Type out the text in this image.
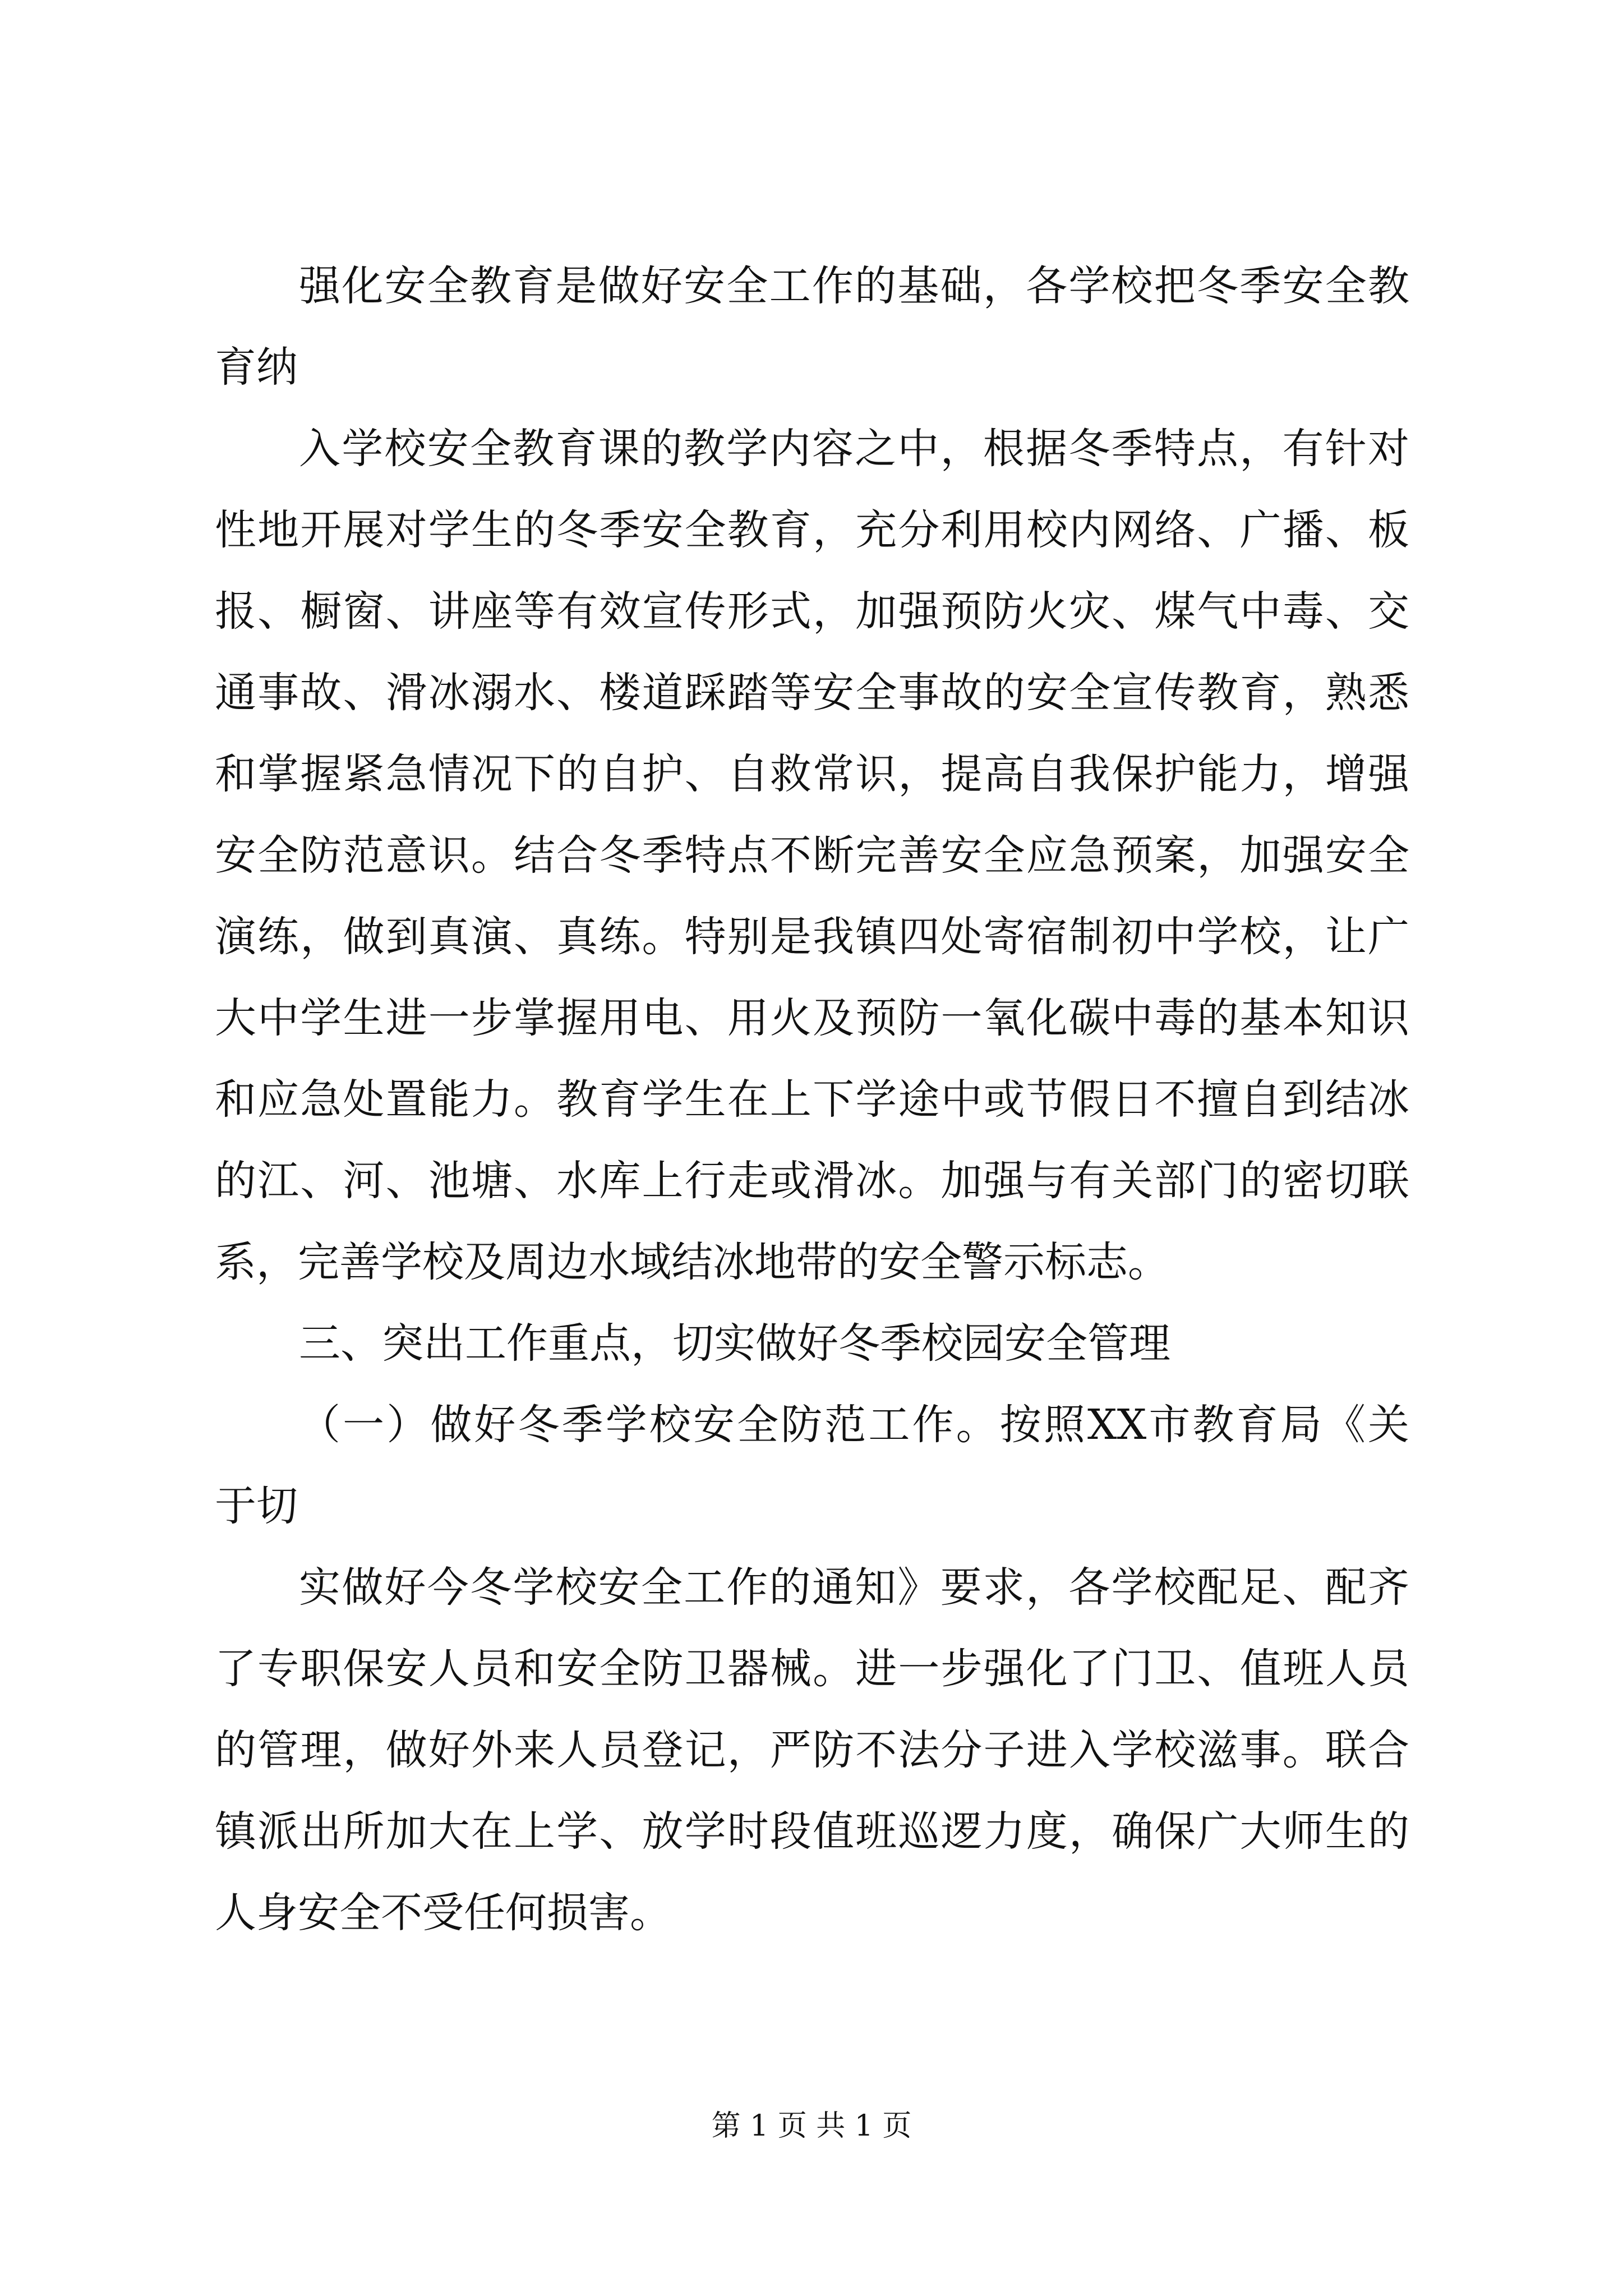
强化安全教育是做好安全工作的基础，各学校把冬季安全教
育纳
入学校安全教育课的教学内容之中，根据冬季特点，有针对
性地开展对学生的冬季安全教育，充分利用校内网络、广播、板
报、橱窗、讲座等有效宣传形式，加强预防火灾、煤气中毒、交
通事故、滑冰溺水、楼道踩踏等安全事故的安全宣传教育，熟悉
和掌握紧急情况下的自护、自救常识，提高自我保护能力，增强
安全防范意识。结合冬季特点不断完善安全应急预案，加强安全
演练，做到真演、真练。特别是我镇四处寄宿制初中学校，让广
大中学生进一步掌握用电、用火及预防一氧化碳中毒的基本知识
和应急处置能力。教育学生在上下学途中或节假日不擅自到结冰
的江、河、池塘、水库上行走或滑冰。加强与有关部门的密切联
系，完善学校及周边水域结冰地带的安全警示标志。
三、突出工作重点，切实做好冬季校园安全管理
（一）做好冬季学校安全防范工作。按照XX市教育局《关
于切
实做好今冬学校安全工作的通知》要求，各学校配足、配齐
了专职保安人员和安全防卫器械。进一步强化了门卫、值班人员
的管理，做好外来人员登记，严防不法分子进入学校滋事。联合
镇派出所加大在上学、放学时段值班巡逻力度，确保广大师生的
人身安全不受任何损害。
第 1 页 共 1 页
